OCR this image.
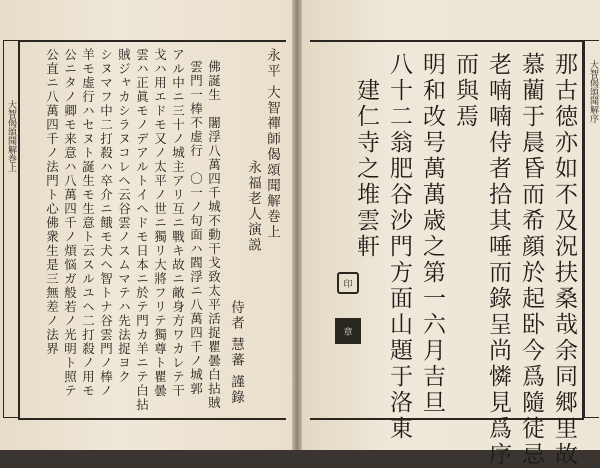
大智偈頌聞解巻上	永平 大智禪師偈頌聞解巻上
永福老人演説
侍者 慧蕃 謹錄
佛誕生　闍浮八萬四千城不動干戈致太平活捉瞿曇白拈賊
雲門一棒不虚行　〇一ノ句面ハ閻浮ニ八萬四千ノ城郭
アル中ニ三十ノ城主アリ互ニ戰キ故ニ敵身方ワカレテ干
戈ハ用エドモ又ノ太平ノ世ニ獨リ大將フリテ獨尊ト瞿曇
雲ハ正眞モノデアルトイヘドモ日本ニ於テ門カ羊ニテ白拈
賊ジャカシラヌコレヘ云谷雲ノスムマテハ先法捉ヨク
シヌマフ中二打殺ハ卒介ニ餓モ犬ヘ智トナ谷雲門ノ棒ノ
羊モ虚行ハセヌト誕生モ生意ト云スルユヘ二打殺ノ用モ
公ニタノ卿モ来意ハ八萬四千ノ煩悩ガ般若ノ光明ト照テ
公直ニ八萬四千ノ法門ト心佛衆生是三無差ノ法界	大智偈頌聞解序
那古徳亦如不及況扶桑哉余同郷里故
慕藺于晨昏而希顔於起卧今爲隨徒忌
老喃喃侍者拾其唾而錄呈尚憐見爲序
而與焉
明和改号萬萬歳之第一六月吉旦
八十二翁肥谷沙門方面山題于洛東
建仁寺之堆雲軒
印
章
